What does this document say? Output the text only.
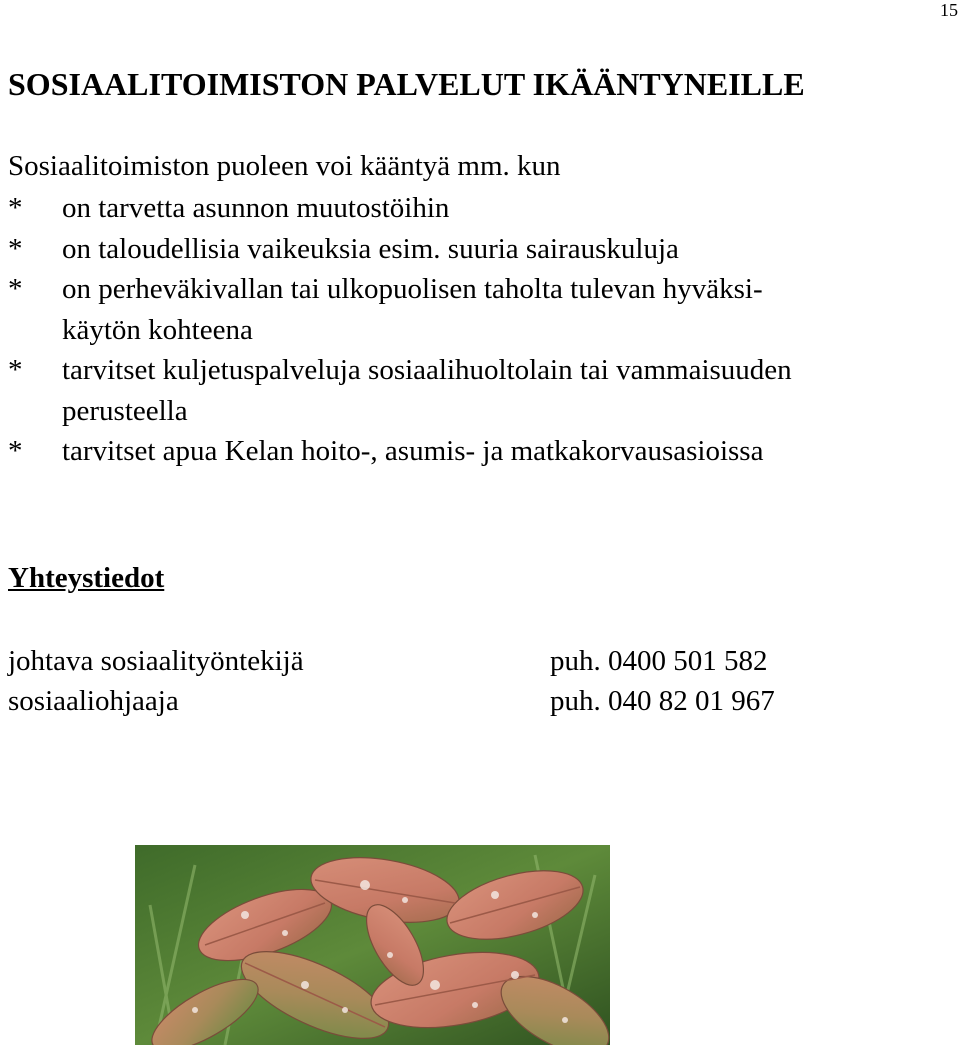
15
SOSIAALITOIMISTON PALVELUT IKÄÄNTYNEILLE

Sosiaalitoimiston puoleen voi kääntyä mm. kun

* on tarvetta asunnon muutostöihin
* on taloudellisia vaikeuksia esim. suuria sairauskuluja
* on perheväkivallan tai ulkopuolisen taholta tulevan hyväksi-
käytön kohteena
* tarvitset kuljetuspalveluja sosiaalihuoltolain tai vammaisuuden
perusteella
* tarvitset apua Kelan hoito-, asumis- ja matkakorvausasioissa
Yhteystiedot
johtava sosiaalityöntekijä	puh. 0400 501 582
sosiaaliohjaaja	puh. 040 82 01 967
